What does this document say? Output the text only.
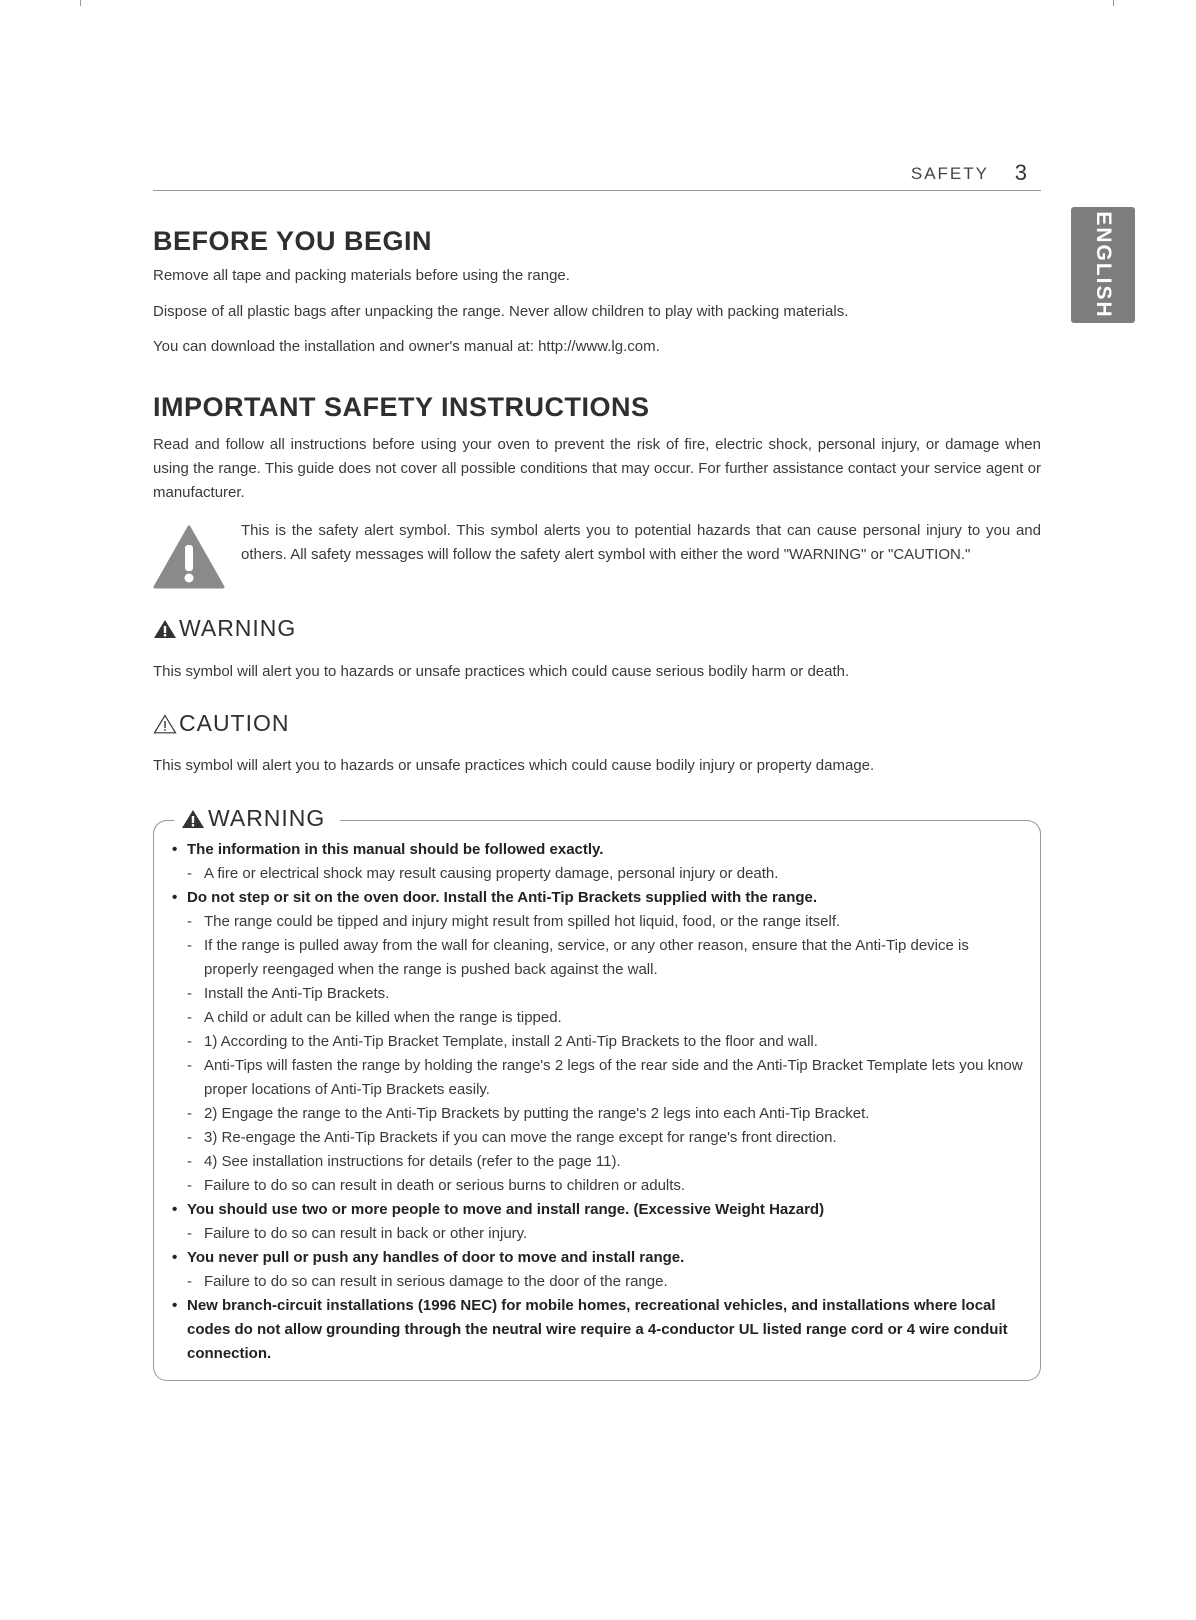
SAFETY 3
ENGLISH
BEFORE YOU BEGIN

Remove all tape and packing materials before using the range.

Dispose of all plastic bags after unpacking the range. Never allow children to play with packing materials.

You can download the installation and owner's manual at: http://www.lg.com.

IMPORTANT SAFETY INSTRUCTIONS

Read and follow all instructions before using your oven to prevent the risk of fire, electric shock, personal injury, or damage when using the range. This guide does not cover all possible conditions that may occur. For further assistance contact your service agent or manufacturer.

This is the safety alert symbol. This symbol alerts you to potential hazards that can cause personal injury to you and others. All safety messages will follow the safety alert symbol with either the word "WARNING" or "CAUTION."

WARNING

This symbol will alert you to hazards or unsafe practices which could cause serious bodily harm or death.

CAUTION

This symbol will alert you to hazards or unsafe practices which could cause bodily injury or property damage.

WARNING
• The information in this manual should be followed exactly.
- A fire or electrical shock may result causing property damage, personal injury or death.
• Do not step or sit on the oven door. Install the Anti-Tip Brackets supplied with the range.
- The range could be tipped and injury might result from spilled hot liquid, food, or the range itself.
- If the range is pulled away from the wall for cleaning, service, or any other reason, ensure that the Anti-Tip device is properly reengaged when the range is pushed back against the wall.
- Install the Anti-Tip Brackets.
- A child or adult can be killed when the range is tipped.
- 1) According to the Anti-Tip Bracket Template, install 2 Anti-Tip Brackets to the floor and wall.
- Anti-Tips will fasten the range by holding the range's 2 legs of the rear side and the Anti-Tip Bracket Template lets you know proper locations of Anti-Tip Brackets easily.
- 2) Engage the range to the Anti-Tip Brackets by putting the range's 2 legs into each Anti-Tip Bracket.
- 3) Re-engage the Anti-Tip Brackets if you can move the range except for range's front direction.
- 4) See installation instructions for details (refer to the page 11).
- Failure to do so can result in death or serious burns to children or adults.
• You should use two or more people to move and install range. (Excessive Weight Hazard)
- Failure to do so can result in back or other injury.
• You never pull or push any handles of door to move and install range.
- Failure to do so can result in serious damage to the door of the range.
• New branch-circuit installations (1996 NEC) for mobile homes, recreational vehicles, and installations where local codes do not allow grounding through the neutral wire require a 4-conductor UL listed range cord or 4 wire conduit connection.
